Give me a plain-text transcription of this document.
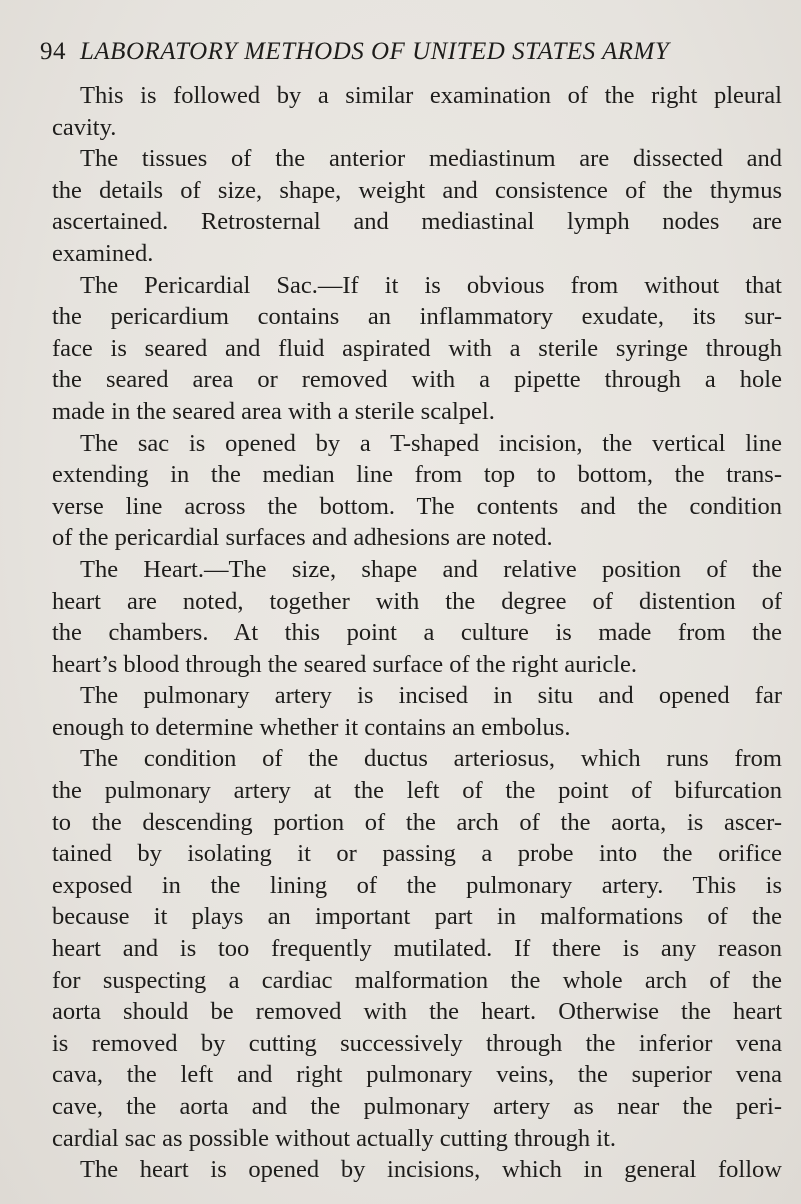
94 LABORATORY METHODS OF UNITED STATES ARMY
This is followed by a similar examination of the right pleural
cavity.
The tissues of the anterior mediastinum are dissected and
the details of size, shape, weight and consistence of the thymus
ascertained. Retrosternal and mediastinal lymph nodes are
examined.
The Pericardial Sac.—If it is obvious from without that
the pericardium contains an inflammatory exudate, its sur-
face is seared and fluid aspirated with a sterile syringe through
the seared area or removed with a pipette through a hole
made in the seared area with a sterile scalpel.
The sac is opened by a T-shaped incision, the vertical line
extending in the median line from top to bottom, the trans-
verse line across the bottom. The contents and the condition
of the pericardial surfaces and adhesions are noted.
The Heart.—The size, shape and relative position of the
heart are noted, together with the degree of distention of
the chambers. At this point a culture is made from the
heart’s blood through the seared surface of the right auricle.
The pulmonary artery is incised in situ and opened far
enough to determine whether it contains an embolus.
The condition of the ductus arteriosus, which runs from
the pulmonary artery at the left of the point of bifurcation
to the descending portion of the arch of the aorta, is ascer-
tained by isolating it or passing a probe into the orifice
exposed in the lining of the pulmonary artery. This is
because it plays an important part in malformations of the
heart and is too frequently mutilated. If there is any reason
for suspecting a cardiac malformation the whole arch of the
aorta should be removed with the heart. Otherwise the heart
is removed by cutting successively through the inferior vena
cava, the left and right pulmonary veins, the superior vena
cave, the aorta and the pulmonary artery as near the peri-
cardial sac as possible without actually cutting through it.
The heart is opened by incisions, which in general follow
